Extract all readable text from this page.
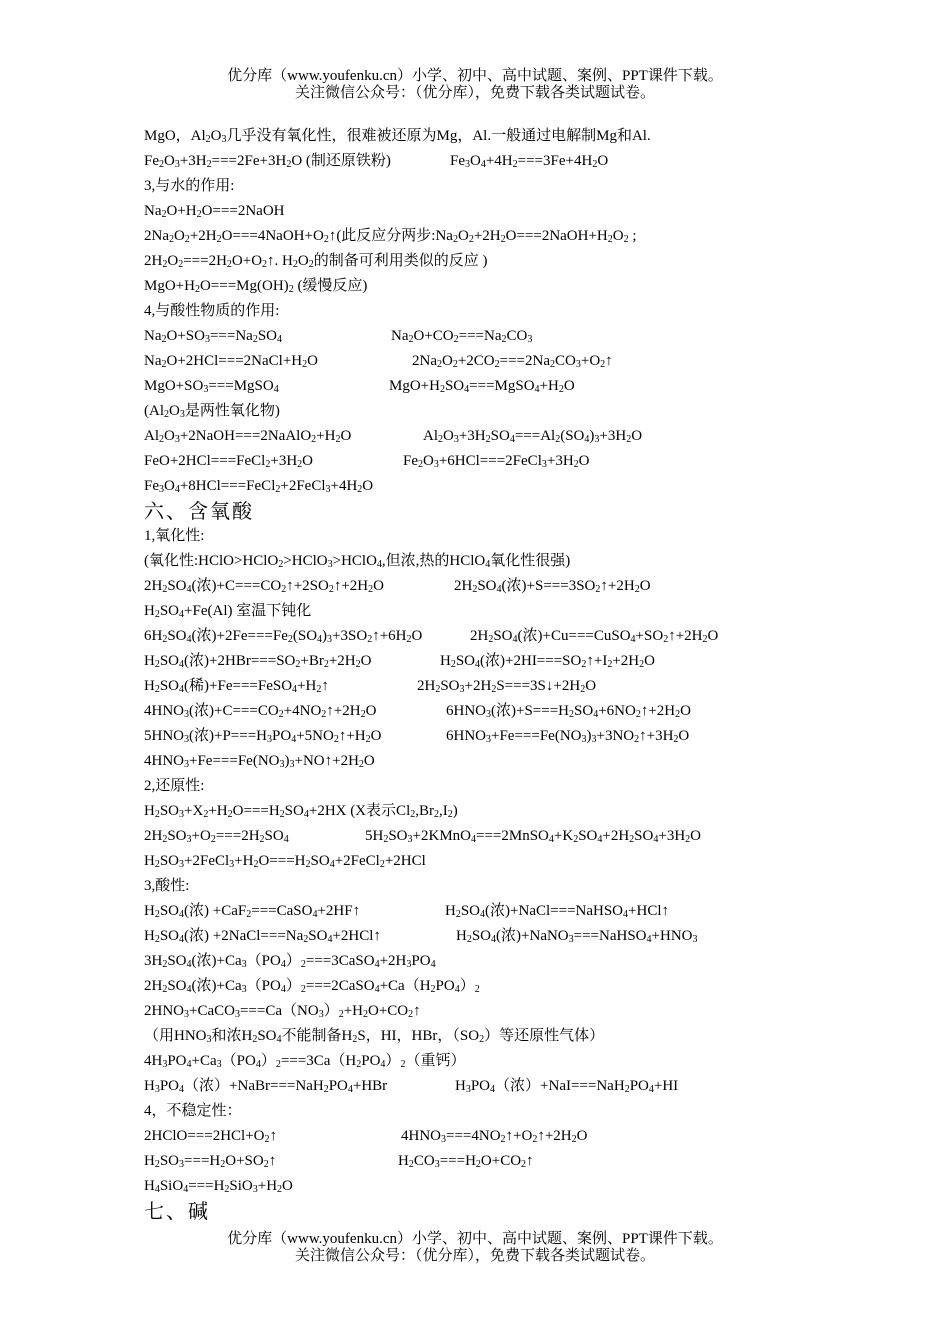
优分库（www.youfenku.cn）小学、初中、高中试题、案例、PPT课件下载。
关注微信公众号：（优分库），免费下载各类试题试卷。
MgO，$Al_2O_3$几乎没有氧化性，很难被还原为Mg，Al.一般通过电解制Mg和Al.
$Fe_2O_3+3H_2===2Fe+3H_2O$ (制还原铁粉)	$Fe_3O_4+4H_2===3Fe+4H_2O$
3,与水的作用:
$Na_2O+H_2O===2NaOH$
$2Na_2O_2+2H_2O===4NaOH+O_2↑$(此反应分两步$:Na_2O_2+2H_2O===2NaOH+H_2O_2$ ;
$2H_2O_2===2H_2O+O_2↑$. $H_2O_2$的制备可利用类似的反应 )
$MgO+H_2O===Mg(OH)_2$ (缓慢反应)
4,与酸性物质的作用:
$Na_2O+SO_3===Na_2SO_4$	$Na_2O+CO_2===Na_2CO_3$
$Na_2O+2HCl===2NaCl+H_2O$	$2Na_2O_2+2CO_2===2Na_2CO_3+O_2↑$
$MgO+SO_3===MgSO_4$	$MgO+H_2SO_4===MgSO_4+H_2O$
($Al_2O_3$是两性氧化物)
$Al_2O_3+2NaOH===2NaAlO_2+H_2O$	$Al_2O_3+3H_2SO_4===Al_2(SO_4)_3+3H_2O$
$FeO+2HCl===FeCl_2+3H_2O$	$Fe_2O_3+6HCl===2FeCl_3+3H_2O$
$Fe_3O_4+8HCl===FeCl_2+2FeCl_3+4H_2O$
六、含氧酸
1,氧化性:
(氧化性:HClO>HClO$_2$>HClO$_3$>HClO$_4$,但浓,热的HClO$_4$氧化性很强)
$2H_2SO_4$(浓)$+C===CO_2↑+2SO_2↑+2H_2O$	$2H_2SO_4$(浓)$+S===3SO_2↑+2H_2O$
$H_2SO_4+Fe(Al)$ 室温下钝化
$6H_2SO_4$(浓)$+2Fe===Fe_2(SO_4)_3+3SO_2↑+6H_2O$	$2H_2SO_4$(浓)$+Cu===CuSO_4+SO_2↑+2H_2O$
$H_2SO_4$(浓)$+2HBr===SO_2+Br_2+2H_2O$	$H_2SO_4$(浓)$+2HI===SO_2↑+I_2+2H_2O$
$H_2SO_4$(稀)$+Fe===FeSO_4+H_2↑$	$2H_2SO_3+2H_2S===3S↓+2H_2O$
$4HNO_3$(浓)$+C===CO_2+4NO_2↑+2H_2O$	$6HNO_3$(浓)$+S===H_2SO_4+6NO_2↑+2H_2O$
$5HNO_3$(浓)$+P===H_3PO_4+5NO_2↑+H_2O$	$6HNO_3+Fe===Fe(NO_3)_3+3NO_2↑+3H_2O$
$4HNO_3+Fe===Fe(NO_3)_3+NO↑+2H_2O$
2,还原性:
$H_2SO_3+X_2+H_2O===H_2SO_4+2HX$ (X表示$Cl_2,Br_2,I_2$)
$2H_2SO_3+O_2===2H_2SO_4$	$5H_2SO_3+2KMnO_4===2MnSO_4+K_2SO_4+2H_2SO_4+3H_2O$
$H_2SO_3+2FeCl_3+H_2O===H_2SO_4+2FeCl_2+2HCl$
3,酸性:
$H_2SO_4$(浓) +CaF$_2$===CaSO$_4$+2HF↑	$H_2SO_4$(浓)+NaCl===NaHSO$_4$+HCl↑
$H_2SO_4$(浓) $+2NaCl===Na_2SO_4+2HCl↑$	$H_2SO_4$(浓)$+NaNO_3===NaHSO_4+HNO_3$
$3H_2SO_4$(浓)$+Ca_3(PO_4)_2===3CaSO_4+2H_3PO_4$
$2H_2SO_4$(浓)$+Ca_3(PO_4)_2===2CaSO_4+Ca(H_2PO_4)_2$
$2HNO_3+CaCO_3===Ca(NO_3)_2+H_2O+CO_2↑$
（用$HNO_3$和浓$H_2SO_4$不能制备$H_2S$，HI，HBr，$(SO_2)$等还原性气体）
$4H_3PO_4+Ca_3(PO_4)_2===3Ca(H_2PO_4)_2$（重钙）
$H_3PO_4$（浓）$+NaBr===NaH_2PO_4+HBr$	$H_3PO_4$（浓）$+NaI===NaH_2PO_4+HI$
4，不稳定性：
$2HClO===2HCl+O_2↑$	$4HNO_3===4NO_2↑+O_2↑+2H_2O$
$H_2SO_3===H_2O+SO_2↑$	$H_2CO_3===H_2O+CO_2↑$
$H_4SiO_4===H_2SiO_3+H_2O$
七、碱
优分库（www.youfenku.cn）小学、初中、高中试题、案例、PPT课件下载。
关注微信公众号：（优分库），免费下载各类试题试卷。
